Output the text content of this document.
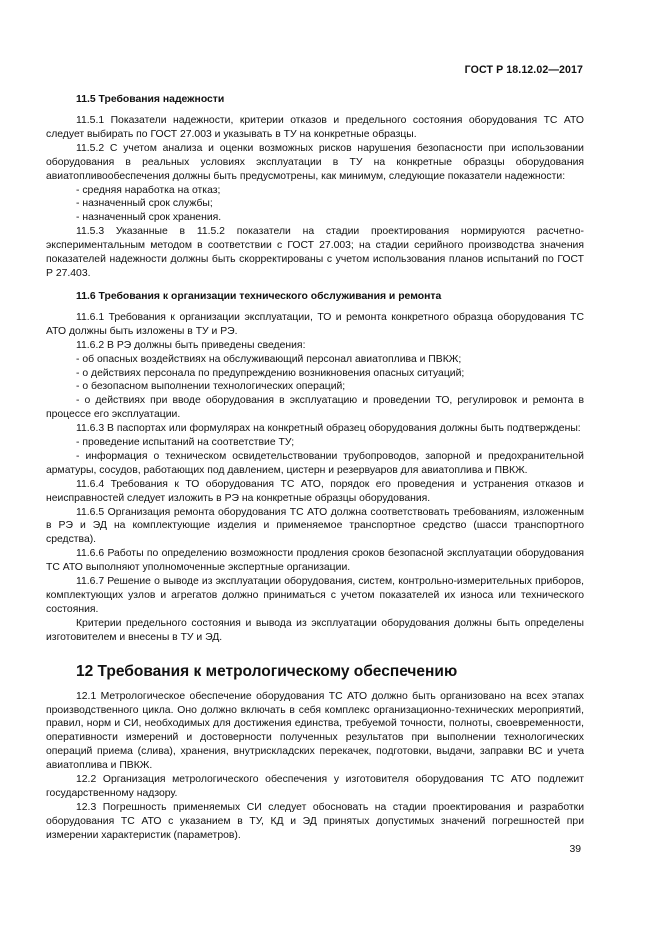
ГОСТ Р 18.12.02—2017
11.5 Требования надежности
11.5.1 Показатели надежности, критерии отказов и предельного состояния оборудования ТС АТО следует выбирать по ГОСТ 27.003 и указывать в ТУ на конкретные образцы.
11.5.2 С учетом анализа и оценки возможных рисков нарушения безопасности при использовании оборудования в реальных условиях эксплуатации в ТУ на конкретные образцы оборудования авиатопливообеспечения должны быть предусмотрены, как минимум, следующие показатели надежности:
- средняя наработка на отказ;
- назначенный срок службы;
- назначенный срок хранения.
11.5.3 Указанные в 11.5.2 показатели на стадии проектирования нормируются расчетно-экспериментальным методом в соответствии с ГОСТ 27.003; на стадии серийного производства значения показателей надежности должны быть скорректированы с учетом использования планов испытаний по ГОСТ Р 27.403.
11.6 Требования к организации технического обслуживания и ремонта
11.6.1 Требования к организации эксплуатации, ТО и ремонта конкретного образца оборудования ТС АТО должны быть изложены в ТУ и РЭ.
11.6.2 В РЭ должны быть приведены сведения:
- об опасных воздействиях на обслуживающий персонал авиатоплива и ПВКЖ;
- о действиях персонала по предупреждению возникновения опасных ситуаций;
- о безопасном выполнении технологических операций;
- о действиях при вводе оборудования в эксплуатацию и проведении ТО, регулировок и ремонта в процессе его эксплуатации.
11.6.3 В паспортах или формулярах на конкретный образец оборудования должны быть подтверждены:
- проведение испытаний на соответствие ТУ;
- информация о техническом освидетельствовании трубопроводов, запорной и предохранительной арматуры, сосудов, работающих под давлением, цистерн и резервуаров для авиатоплива и ПВКЖ.
11.6.4 Требования к ТО оборудования ТС АТО, порядок его проведения и устранения отказов и неисправностей следует изложить в РЭ на конкретные образцы оборудования.
11.6.5 Организация ремонта оборудования ТС АТО должна соответствовать требованиям, изложенным в РЭ и ЭД на комплектующие изделия и применяемое транспортное средство (шасси транспортного средства).
11.6.6 Работы по определению возможности продления сроков безопасной эксплуатации оборудования ТС АТО выполняют уполномоченные экспертные организации.
11.6.7 Решение о выводе из эксплуатации оборудования, систем, контрольно-измерительных приборов, комплектующих узлов и агрегатов должно приниматься с учетом показателей их износа или технического состояния.
Критерии предельного состояния и вывода из эксплуатации оборудования должны быть определены изготовителем и внесены в ТУ и ЭД.
12 Требования к метрологическому обеспечению
12.1 Метрологическое обеспечение оборудования ТС АТО должно быть организовано на всех этапах производственного цикла. Оно должно включать в себя комплекс организационно-технических мероприятий, правил, норм и СИ, необходимых для достижения единства, требуемой точности, полноты, своевременности, оперативности измерений и достоверности полученных результатов при выполнении технологических операций приема (слива), хранения, внутрискладских перекачек, подготовки, выдачи, заправки ВС и учета авиатоплива и ПВКЖ.
12.2 Организация метрологического обеспечения у изготовителя оборудования ТС АТО подлежит государственному надзору.
12.3 Погрешность применяемых СИ следует обосновать на стадии проектирования и разработки оборудования ТС АТО с указанием в ТУ, КД и ЭД принятых допустимых значений погрешностей при измерении характеристик (параметров).
39
